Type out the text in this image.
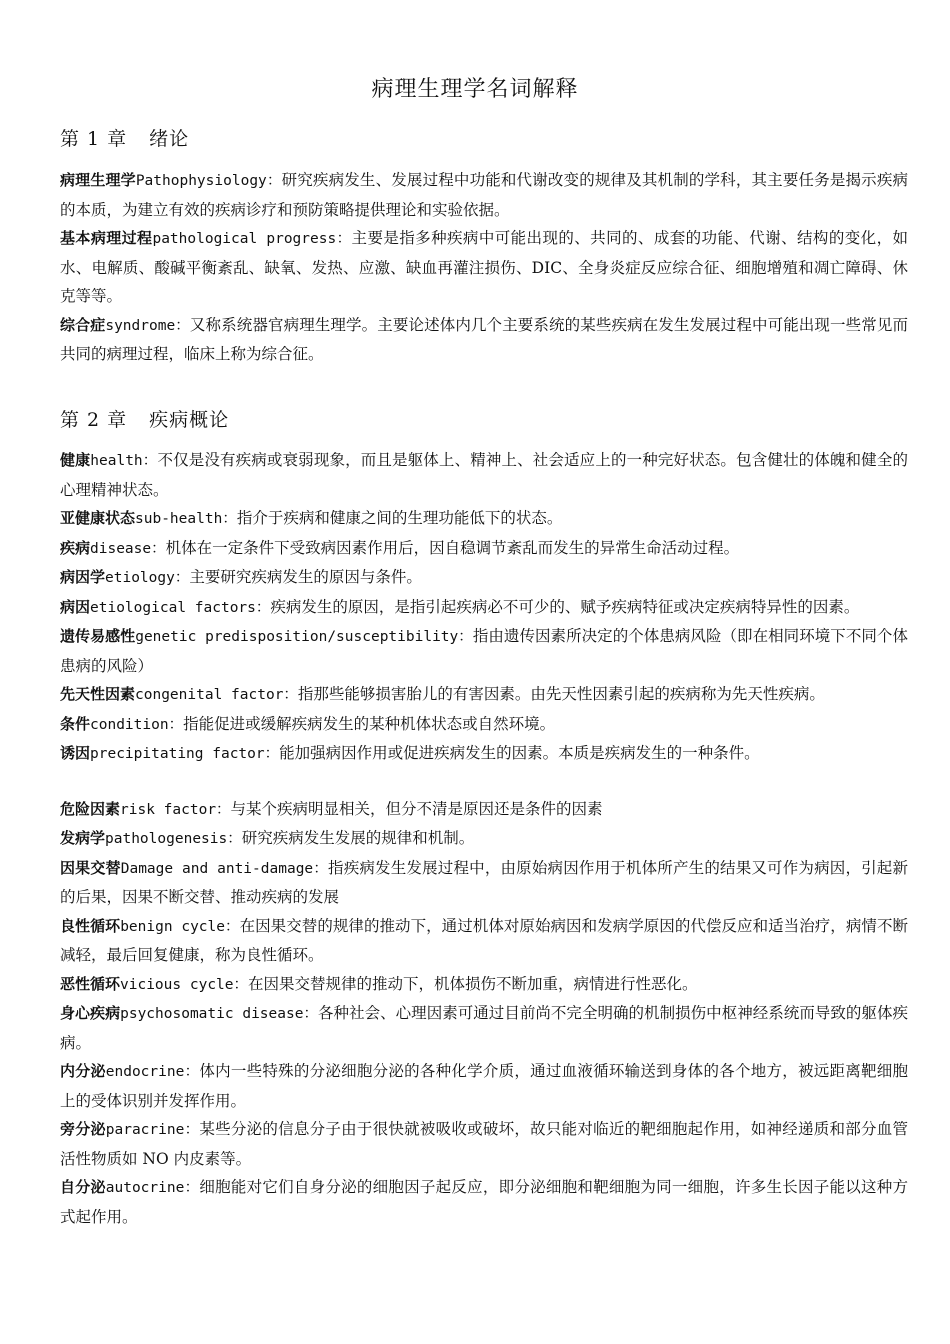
病理生理学名词解释
第 1 章 绪论

病理生理学Pathophysiology：研究疾病发生、发展过程中功能和代谢改变的规律及其机制的学科，其主要任务是揭示疾病的本质，为建立有效的疾病诊疗和预防策略提供理论和实验依据。

基本病理过程pathological progress：主要是指多种疾病中可能出现的、共同的、成套的功能、代谢、结构的变化，如水、电解质、酸碱平衡紊乱、缺氧、发热、应激、缺血再灌注损伤、DIC、全身炎症反应综合征、细胞增殖和凋亡障碍、休克等等。

综合症syndrome：又称系统器官病理生理学。主要论述体内几个主要系统的某些疾病在发生发展过程中可能出现一些常见而共同的病理过程，临床上称为综合征。

第 2 章 疾病概论

健康health：不仅是没有疾病或衰弱现象，而且是躯体上、精神上、社会适应上的一种完好状态。包含健壮的体魄和健全的心理精神状态。

亚健康状态sub-health：指介于疾病和健康之间的生理功能低下的状态。

疾病disease：机体在一定条件下受致病因素作用后，因自稳调节紊乱而发生的异常生命活动过程。

病因学etiology：主要研究疾病发生的原因与条件。

病因etiological factors：疾病发生的原因，是指引起疾病必不可少的、赋予疾病特征或决定疾病特异性的因素。

遗传易感性genetic predisposition/susceptibility：指由遗传因素所决定的个体患病风险（即在相同环境下不同个体患病的风险）

先天性因素congenital factor：指那些能够损害胎儿的有害因素。由先天性因素引起的疾病称为先天性疾病。

条件condition：指能促进或缓解疾病发生的某种机体状态或自然环境。

诱因precipitating factor：能加强病因作用或促进疾病发生的因素。本质是疾病发生的一种条件。

危险因素risk factor：与某个疾病明显相关，但分不清是原因还是条件的因素

发病学pathologenesis：研究疾病发生发展的规律和机制。

因果交替Damage and anti-damage：指疾病发生发展过程中，由原始病因作用于机体所产生的结果又可作为病因，引起新的后果，因果不断交替、推动疾病的发展

良性循环benign cycle：在因果交替的规律的推动下，通过机体对原始病因和发病学原因的代偿反应和适当治疗，病情不断减轻，最后回复健康，称为良性循环。

恶性循环vicious cycle：在因果交替规律的推动下，机体损伤不断加重，病情进行性恶化。

身心疾病psychosomatic disease：各种社会、心理因素可通过目前尚不完全明确的机制损伤中枢神经系统而导致的躯体疾病。

内分泌endocrine：体内一些特殊的分泌细胞分泌的各种化学介质，通过血液循环输送到身体的各个地方，被远距离靶细胞上的受体识别并发挥作用。

旁分泌paracrine：某些分泌的信息分子由于很快就被吸收或破坏，故只能对临近的靶细胞起作用，如神经递质和部分血管活性物质如 NO 内皮素等。

自分泌autocrine：细胞能对它们自身分泌的细胞因子起反应，即分泌细胞和靶细胞为同一细胞，许多生长因子能以这种方式起作用。
